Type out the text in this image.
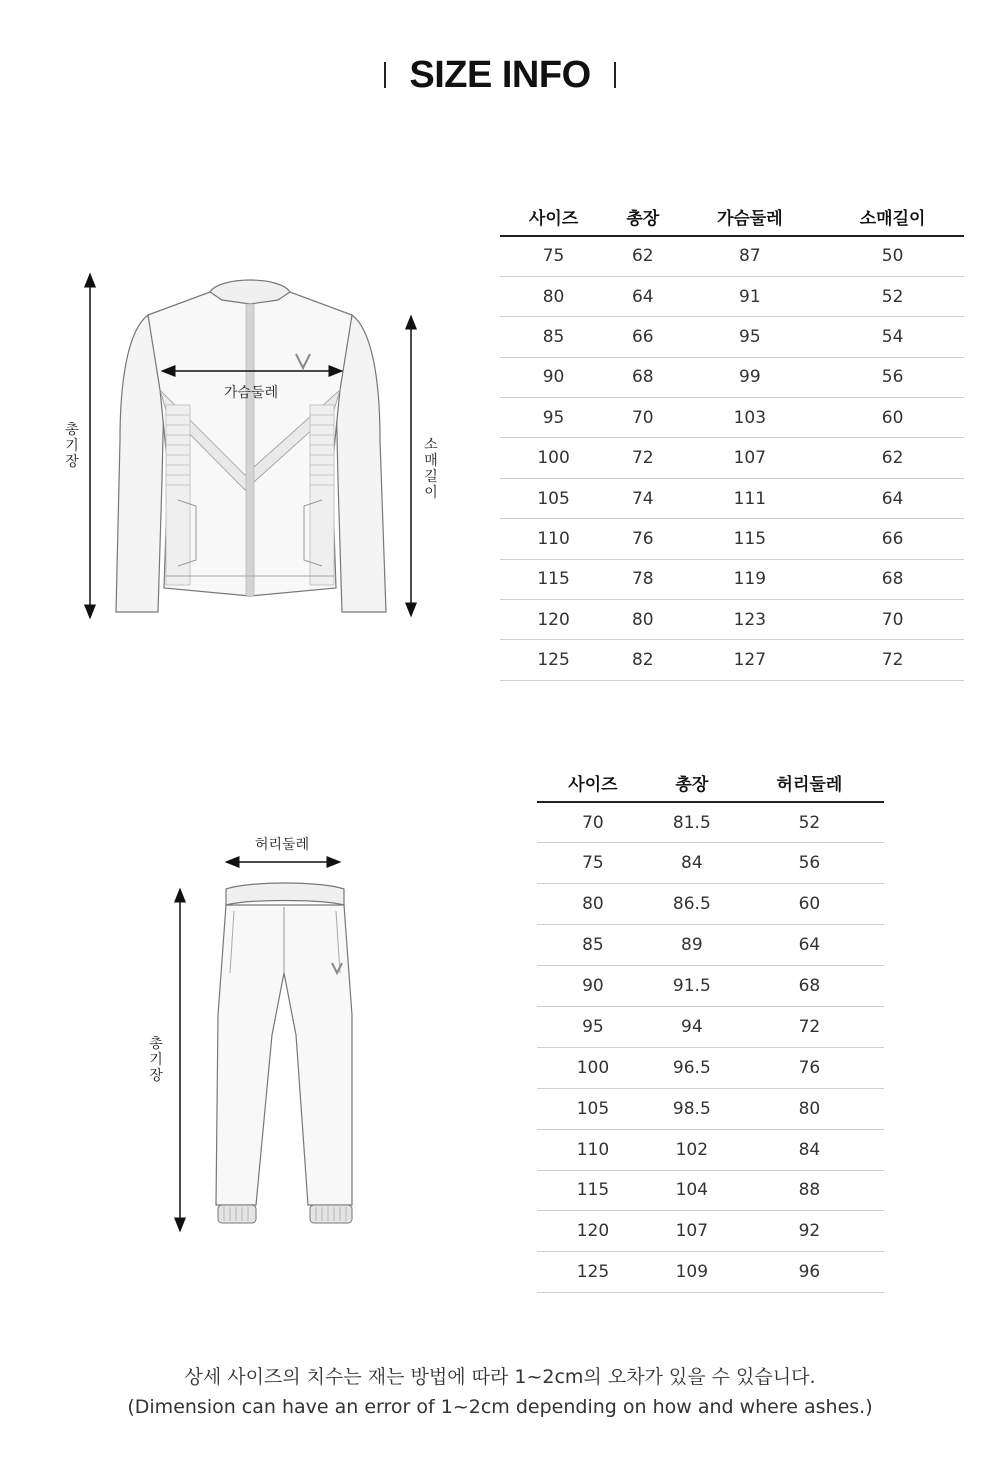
SIZE INFO
가슴둘레
총기장
소매길이
사이즈	총장	가슴둘레	소매길이
75	62	87	50
80	64	91	52
85	66	95	54
90	68	99	56
95	70	103	60
100	72	107	62
105	74	111	64
110	76	115	66
115	78	119	68
120	80	123	70
125	82	127	72
허리둘레
총기장
사이즈	총장	허리둘레
70	81.5	52
75	84	56
80	86.5	60
85	89	64
90	91.5	68
95	94	72
100	96.5	76
105	98.5	80
110	102	84
115	104	88
120	107	92
125	109	96

상세 사이즈의 치수는 재는 방법에 따라 1~2cm의 오차가 있을 수 있습니다.

(Dimension can have an error of 1~2cm depending on how and where ashes.)
